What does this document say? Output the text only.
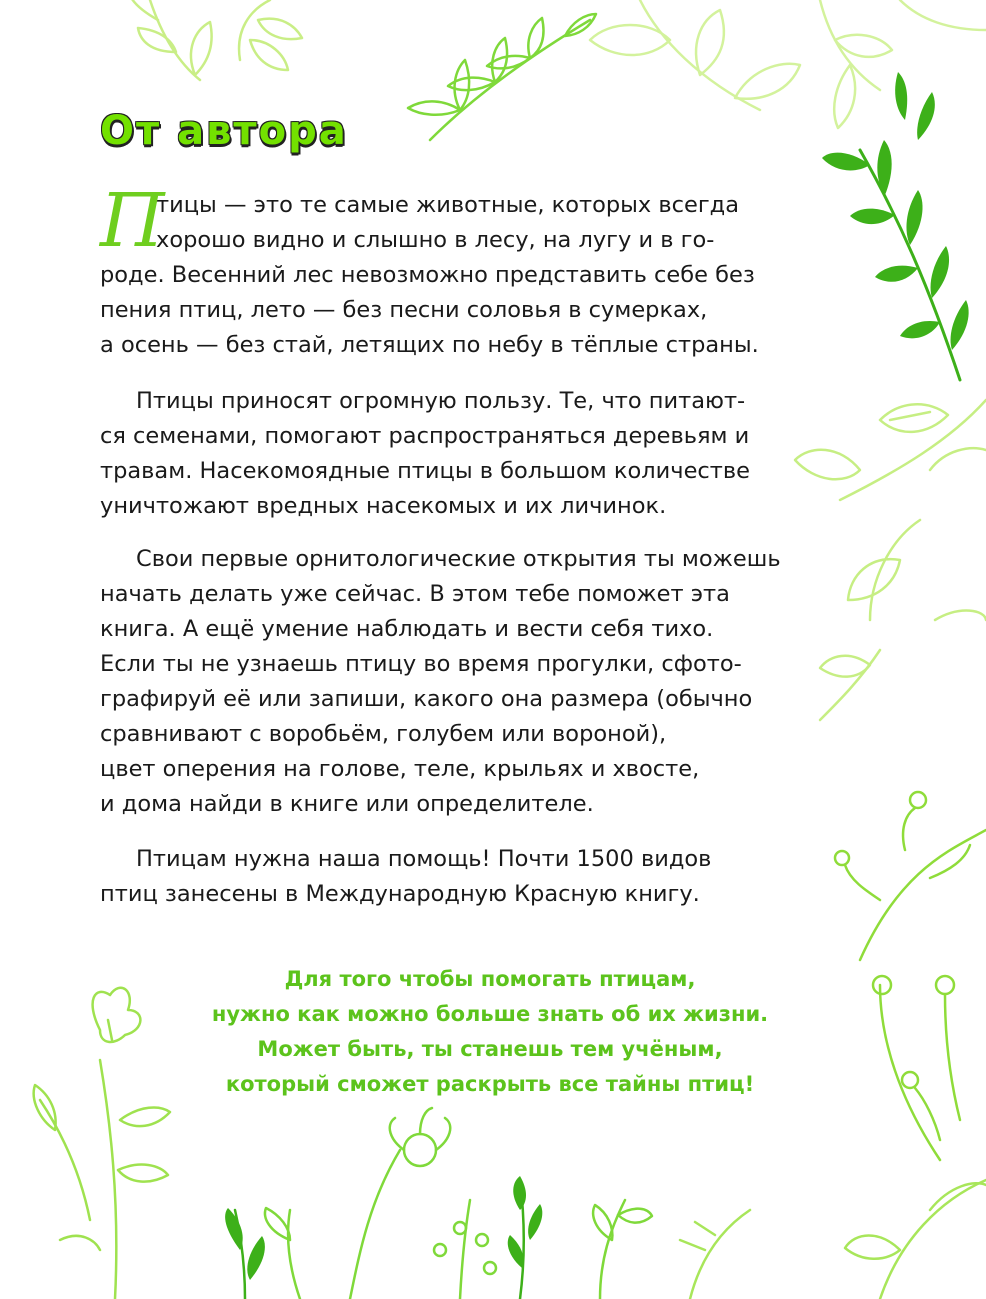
От автора
П
тицы — это те самые животные, которых всегда
хорошо видно и слышно в лесу, на лугу и в го-
роде. Весенний лес невозможно представить себе без
пения птиц, лето — без песни соловья в сумерках,
а осень — без стай, летящих по небу в тёплые страны.
Птицы приносят огромную пользу. Те, что питают-
ся семенами, помогают распространяться деревьям и
травам. Насекомоядные птицы в большом количестве
уничтожают вредных насекомых и их личинок.
Свои первые орнитологические открытия ты можешь
начать делать уже сейчас. В этом тебе поможет эта
книга. А ещё умение наблюдать и вести себя тихо.
Если ты не узнаешь птицу во время прогулки, сфото-
графируй её или запиши, какого она размера (обычно
сравнивают с воробьём, голубем или вороной),
цвет оперения на голове, теле, крыльях и хвосте,
и дома найди в книге или определителе.
Птицам нужна наша помощь! Почти 1500 видов
птиц занесены в Международную Красную книгу.
Для того чтобы помогать птицам,
нужно как можно больше знать об их жизни.
Может быть, ты станешь тем учёным,
который сможет раскрыть все тайны птиц!
